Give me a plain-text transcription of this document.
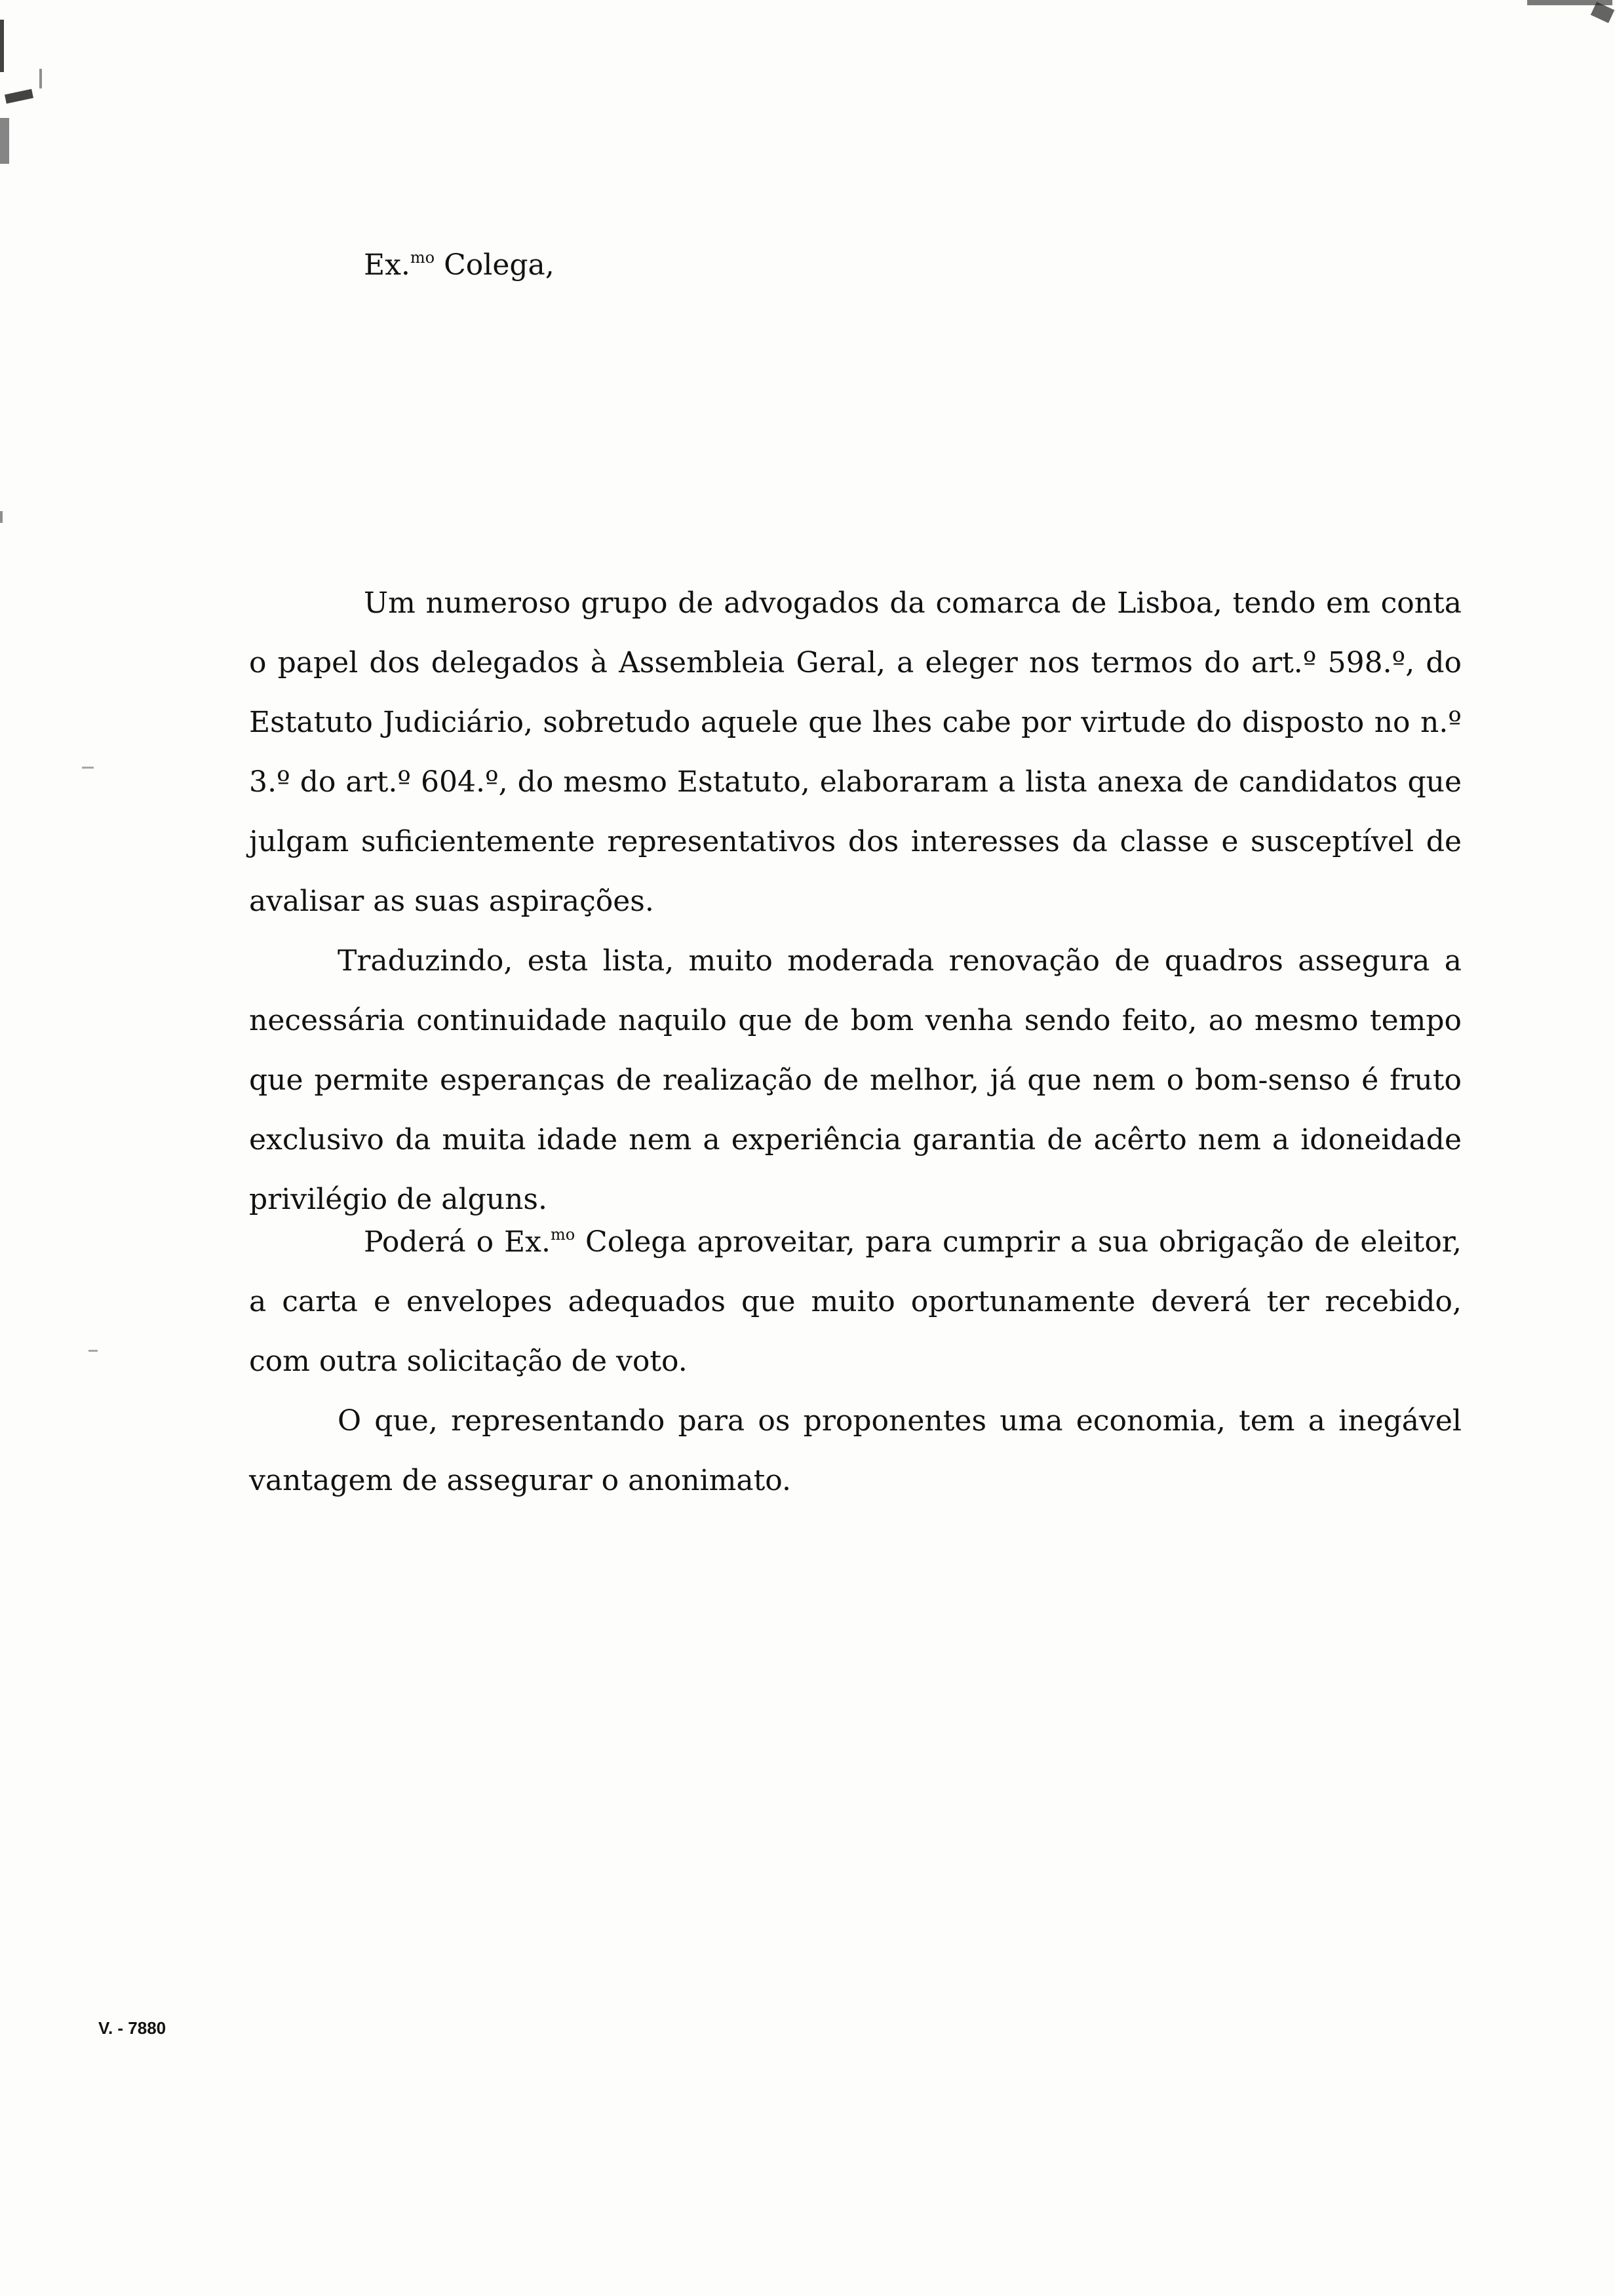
Ex.$^{mo}$ Colega,

Um numeroso grupo de advogados da comarca de Lisboa, tendo em conta o papel dos delegados à Assembleia Geral, a eleger nos termos do art.º 598.º, do Estatuto Judiciário, sobretudo aquele que lhes cabe por virtude do disposto no n.º 3.º do art.º 604.º, do mesmo Estatuto, elaboraram a lista anexa de candidatos que julgam suficientemente representativos dos interesses da classe e susceptível de avalisar as suas aspirações.

Traduzindo, esta lista, muito moderada renovação de quadros assegura a necessária continuidade naquilo que de bom venha sendo feito, ao mesmo tempo que permite esperanças de realização de melhor, já que nem o bom-senso é fruto exclusivo da muita idade nem a experiência garantia de acêrto nem a idoneidade privilégio de alguns.

Poderá o Ex.$^{mo}$ Colega aproveitar, para cumprir a sua obrigação de eleitor, a carta e envelopes adequados que muito oportunamente deverá ter recebido, com outra solicitação de voto.

O que, representando para os proponentes uma economia, tem a inegável vantagem de assegurar o anonimato.

V. - 7880
